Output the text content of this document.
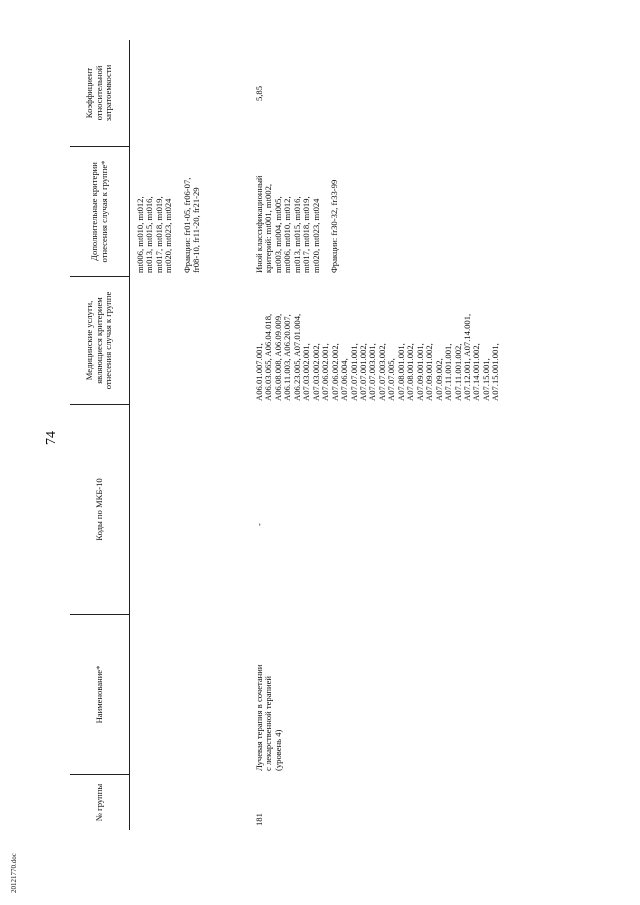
74
№ группы
Наименование*
Коды по МКБ-10
Медицинские услуги, являющиеся критерием отнесения случая к группе
Дополнительные критерии отнесения случая к группе*
Коэффициент относительной затратоемкости
mt006, mt010, mt012, mt013, mt015, mt016, mt017, mt018, mt019, mt020, mt023, mt024 Фракции: fr01-05, fr06-07, fr08-10, fr11-20, fr21-29
181
Лучевая терапия в сочетании с лекарственной терапией (уровень 4)
-
A06.01.007.001, A06.03.065, A06.04.018, A06.08.008, A06.09.009, A06.11.003, A06.20.007, A06.23.005, A07.01.004, A07.03.002.001, A07.03.002.002, A07.06.002.001, A07.06.002.002, A07.06.004, A07.07.001.001, A07.07.001.002, A07.07.003.001, A07.07.003.002, A07.07.005, A07.08.001.001, A07.08.001.002, A07.09.001.001, A07.09.001.002, A07.09.002, A07.11.001.001, A07.11.001.002, A07.12.001, A07.14.001, A07.14.001.002, A07.15.001, A07.15.001.001,
Иной классификационный критерий: mt001, mt002, mt003, mt004, mt005, mt006, mt010, mt012, mt013, mt015, mt016, mt017, mt018, mt019, mt020, mt023, mt024 Фракции: fr30-32, fr33-99
5,85
20121770.doc
